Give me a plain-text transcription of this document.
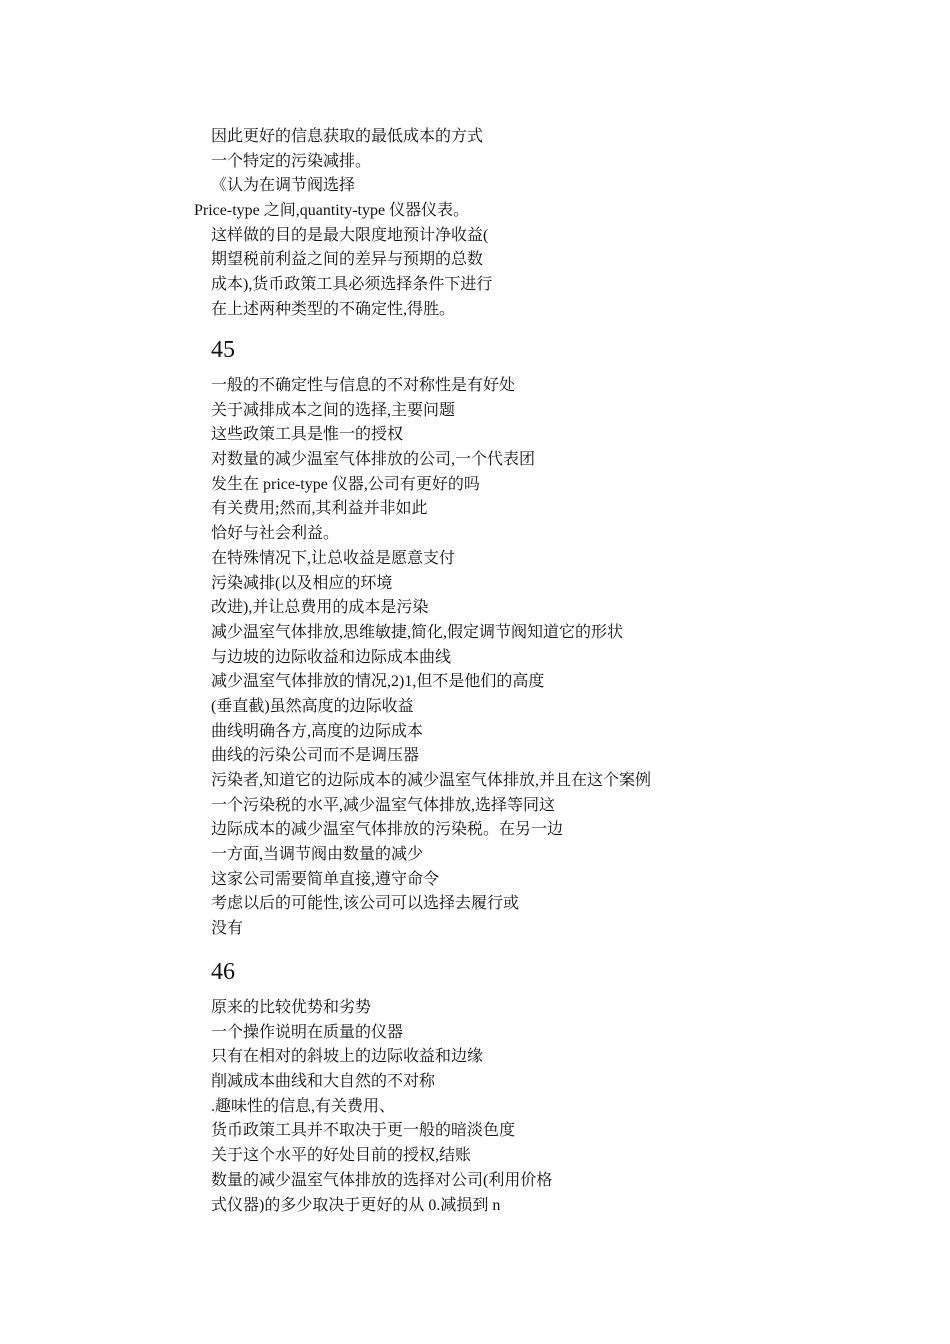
因此更好的信息获取的最低成本的方式
一个特定的污染减排。
《认为在调节阀选择
Price-type 之间,quantity-type 仪器仪表。
这样做的目的是最大限度地预计净收益(
期望税前利益之间的差异与预期的总数
成本),货币政策工具必须选择条件下进行
在上述两种类型的不确定性,得胜。
45
一般的不确定性与信息的不对称性是有好处
关于减排成本之间的选择,主要问题
这些政策工具是惟一的授权
对数量的减少温室气体排放的公司,一个代表团
发生在 price-type 仪器,公司有更好的吗
有关费用;然而,其利益并非如此
恰好与社会利益。
在特殊情况下,让总收益是愿意支付
污染减排(以及相应的环境
改进),并让总费用的成本是污染
减少温室气体排放,思维敏捷,简化,假定调节阀知道它的形状
与边坡的边际收益和边际成本曲线
减少温室气体排放的情况,2)1,但不是他们的高度
(垂直截)虽然高度的边际收益
曲线明确各方,高度的边际成本
曲线的污染公司而不是调压器
污染者,知道它的边际成本的减少温室气体排放,并且在这个案例
一个污染税的水平,减少温室气体排放,选择等同这
边际成本的减少温室气体排放的污染税。在另一边
一方面,当调节阀由数量的减少
这家公司需要简单直接,遵守命令
考虑以后的可能性,该公司可以选择去履行或
没有
46
原来的比较优势和劣势
一个操作说明在质量的仪器
只有在相对的斜坡上的边际收益和边缘
削减成本曲线和大自然的不对称
.趣味性的信息,有关费用、
货币政策工具并不取决于更一般的暗淡色度
关于这个水平的好处目前的授权,结账
数量的减少温室气体排放的选择对公司(利用价格
式仪器)的多少取决于更好的从 0.减损到 n
